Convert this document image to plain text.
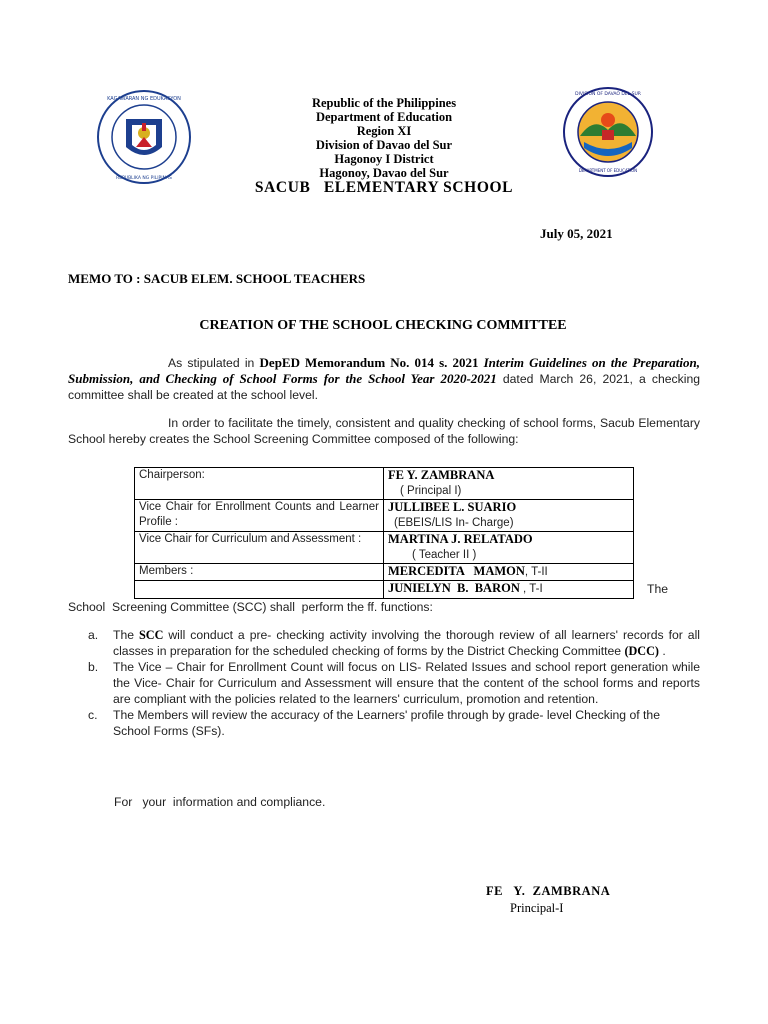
KAGAWARAN NG EDUKASYON
REPUBLIKA NG PILIPINAS
DIVISION OF DAVAO DEL SUR
DEPARTMENT OF EDUCATION
Republic of the Philippines
Department of Education
Region XI
Division of Davao del Sur
Hagonoy I District
Hagonoy, Davao del Sur
SACUB   ELEMENTARY SCHOOL
July 05, 2021
MEMO TO : SACUB ELEM. SCHOOL TEACHERS
CREATION OF THE SCHOOL CHECKING COMMITTEE
As stipulated in DepED Memorandum No. 014 s. 2021 Interim Guidelines on the Preparation, Submission, and Checking of School Forms for the School Year 2020-2021 dated March 26, 2021, a checking committee shall be created at the school level.
In order to facilitate the timely, consistent and quality checking of school forms, Sacub Elementary School hereby creates the School Screening Committee composed of the following:
Chairperson:	FE Y. ZAMBRANA
( Principal I)
Vice Chair for Enrollment Counts and Learner Profile :	JULLIBEE L. SUARIO
(EBEIS/LIS In- Charge)
Vice Chair for Curriculum and Assessment :	MARTINA J. RELATADO
( Teacher II )
Members :	MERCEDITA   MAMON, T-II
	JUNIELYN  B.  BARON , T-I	The
School  Screening Committee (SCC) shall  perform the ff. functions:

a. The SCC will conduct a pre- checking activity involving the thorough review of all learners' records for all classes in preparation for the scheduled checking of forms by the District Checking Committee (DCC) .

b. The Vice – Chair for Enrollment Count will focus on LIS- Related Issues and school report generation while the Vice- Chair for Curriculum and Assessment will ensure that the content of the school forms and reports are compliant with the policies related to the learners' curriculum, promotion and retention.

c. The Members will review the accuracy of the Learners' profile through by grade- level Checking of the School Forms (SFs).

For   your  information and compliance.
FE   Y.  ZAMBRANA
Principal-I
